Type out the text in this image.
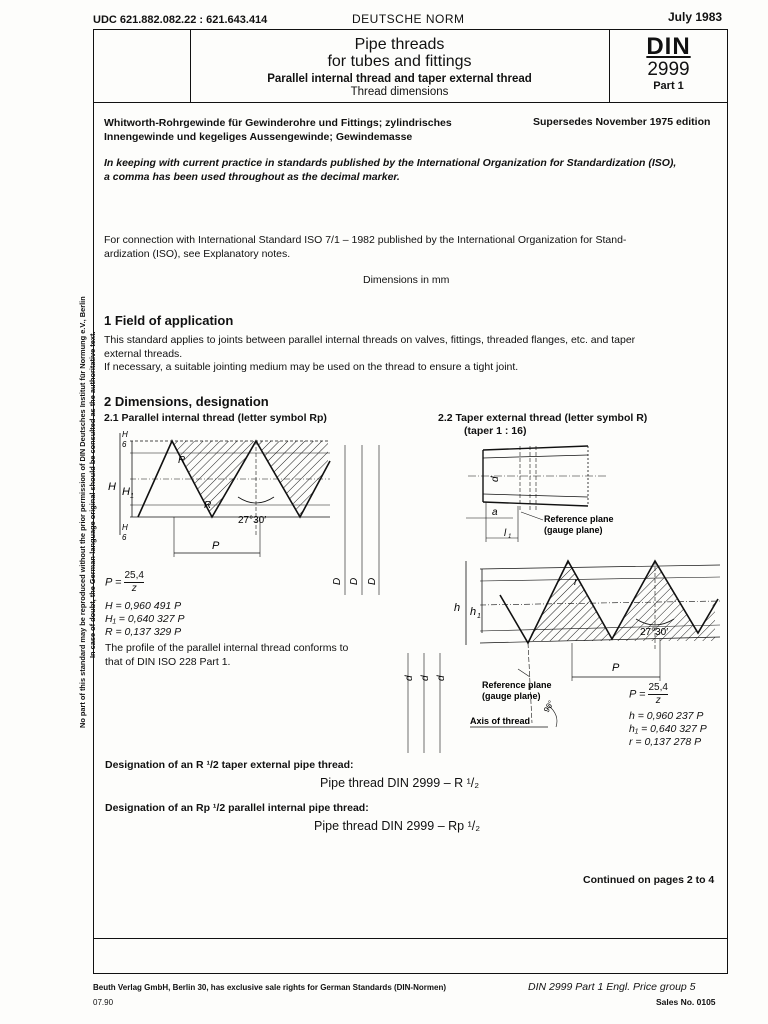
UDC 621.882.082.22 : 621.643.414	DEUTSCHE NORM	July 1983
Pipe threads
for tubes and fittings
Parallel internal thread and taper external thread
Thread dimensions
DIN
2999
Part 1
Whitworth-Rohrgewinde für Gewinderohre und Fittings; zylindrisches
Innengewinde und kegeliges Aussengewinde; Gewindemasse
Supersedes November 1975 edition
In keeping with current practice in standards published by the International Organization for Standardization (ISO),
a comma has been used throughout as the decimal marker.
For connection with International Standard ISO 7/1 – 1982 published by the International Organization for Stand-
ardization (ISO), see Explanatory notes.
Dimensions in mm
1 Field of application
This standard applies to joints between parallel internal threads on valves, fittings, threaded flanges, etc. and taper
external threads.
If necessary, a suitable jointing medium may be used on the thread to ensure a tight joint.
2 Dimensions, designation
2.1 Parallel internal thread (letter symbol Rp)	2.2 Taper external thread (letter symbol R)
(taper 1 : 16)
H H 1
H
6
H
6
R
R
27°30′
P
D D D
$P = \frac{25,4}{z}$
H = 0,960 491 P
H₁ = 0,640 327 P
R = 0,137 329 P
The profile of the parallel internal thread conforms to
that of DIN ISO 228 Part 1.
d
a
l 1
Reference plane
(gauge plane)
h h 1
r
27°30′
P
d d d
Reference plane
(gauge plane)
Axis of thread
90°
$P = \frac{25,4}{z}$
h = 0,960 237 P
h₁ = 0,640 327 P
r = 0,137 278 P
Designation of an R ¹/2 taper external pipe thread:
Pipe thread DIN 2999 – R ¹/₂
Designation of an Rp ¹/2 parallel internal pipe thread:
Pipe thread DIN 2999 – Rp ¹/₂
Continued on pages 2 to 4
No part of this standard may be reproduced without the prior permission of DIN Deutsches Institut für Normung e.V., Berlin In case of doubt, the German-language original should be consulted as the authoritative text.
Beuth Verlag GmbH, Berlin 30, has exclusive sale rights for German Standards (DIN-Normen)
07.90
DIN 2999 Part 1 Engl. Price group 5
Sales No. 0105
